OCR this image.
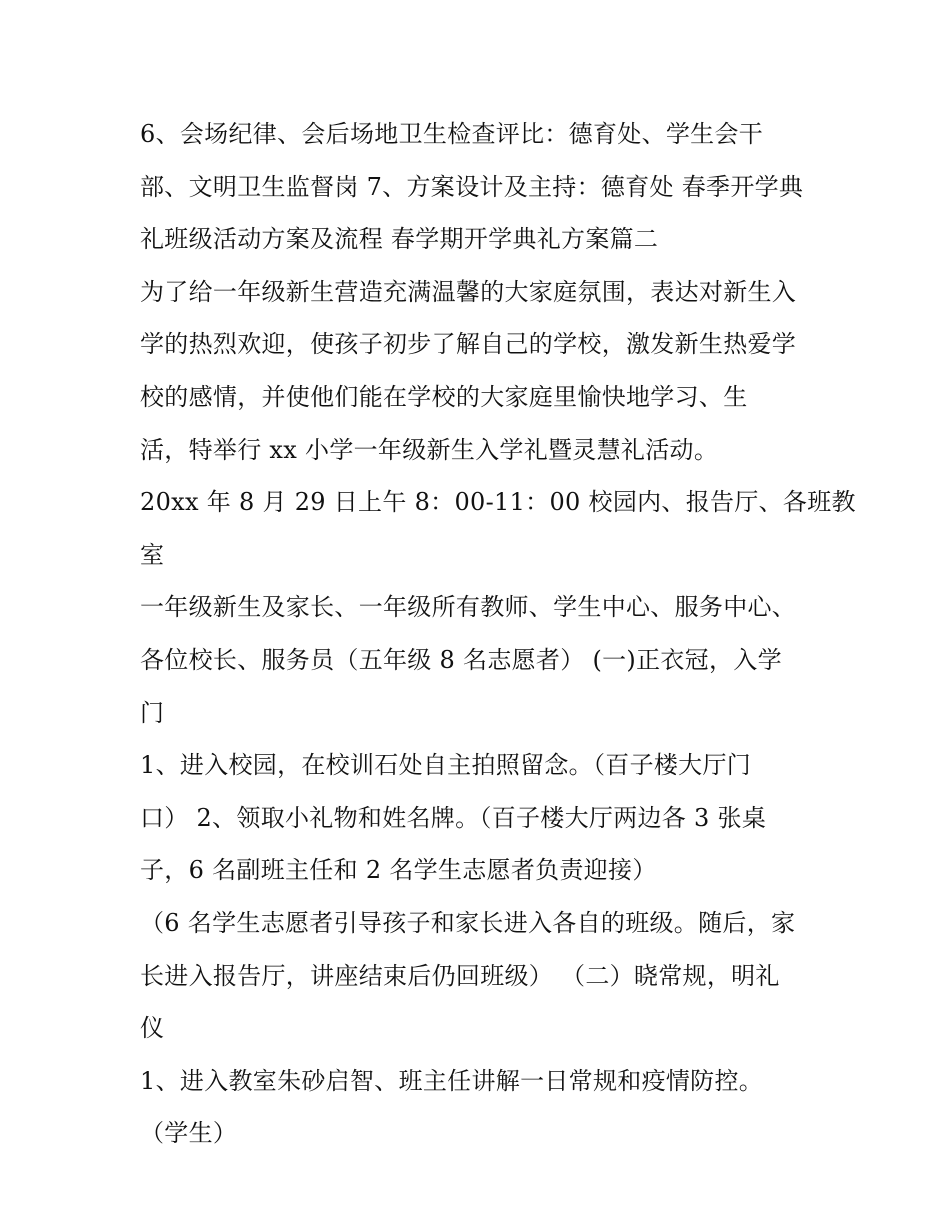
6、会场纪律、会后场地卫生检查评比：德育处、学生会干
部、文明卫生监督岗 7、方案设计及主持：德育处 春季开学典
礼班级活动方案及流程 春学期开学典礼方案篇二
为了给一年级新生营造充满温馨的大家庭氛围，表达对新生入
学的热烈欢迎，使孩子初步了解自己的学校，激发新生热爱学
校的感情，并使他们能在学校的大家庭里愉快地学习、生
活，特举行 xx 小学一年级新生入学礼暨灵慧礼活动。
20xx 年 8 月 29 日上午 8：00-11：00 校园内、报告厅、各班教
室
一年级新生及家长、一年级所有教师、学生中心、服务中心、
各位校长、服务员（五年级 8 名志愿者） (一)正衣冠，入学
门
1、进入校园，在校训石处自主拍照留念。（百子楼大厅门
口） 2、领取小礼物和姓名牌。（百子楼大厅两边各 3 张桌
子，6 名副班主任和 2 名学生志愿者负责迎接）
（6 名学生志愿者引导孩子和家长进入各自的班级。随后，家
长进入报告厅，讲座结束后仍回班级） （二）晓常规，明礼
仪
1、进入教室朱砂启智、班主任讲解一日常规和疫情防控。
（学生）
